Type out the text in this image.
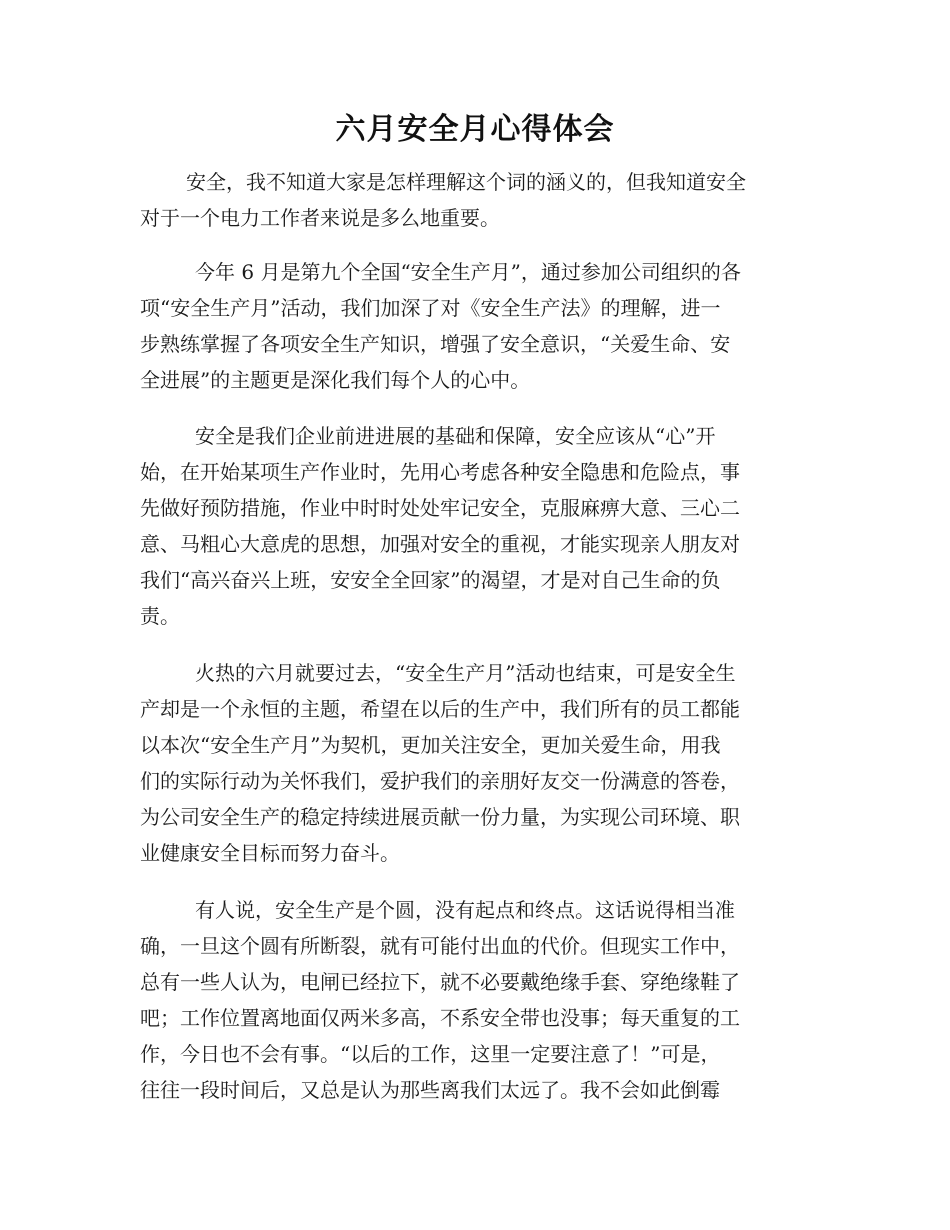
六月安全月心得体会
安全，我不知道大家是怎样理解这个词的涵义的，但我知道安全
对于一个电力工作者来说是多么地重要。
今年 6 月是第九个全国“安全生产月”，通过参加公司组织的各
项“安全生产月”活动，我们加深了对《安全生产法》的理解，进一
步熟练掌握了各项安全生产知识，增强了安全意识，“关爱生命、安
全进展”的主题更是深化我们每个人的心中。
安全是我们企业前进进展的基础和保障，安全应该从“心”开
始，在开始某项生产作业时，先用心考虑各种安全隐患和危险点，事
先做好预防措施，作业中时时处处牢记安全，克服麻痹大意、三心二
意、马粗心大意虎的思想，加强对安全的重视，才能实现亲人朋友对
我们“高兴奋兴上班，安安全全回家”的渴望，才是对自己生命的负
责。
火热的六月就要过去，“安全生产月”活动也结束，可是安全生
产却是一个永恒的主题，希望在以后的生产中，我们所有的员工都能
以本次“安全生产月”为契机，更加关注安全，更加关爱生命，用我
们的实际行动为关怀我们，爱护我们的亲朋好友交一份满意的答卷，
为公司安全生产的稳定持续进展贡献一份力量，为实现公司环境、职
业健康安全目标而努力奋斗。
有人说，安全生产是个圆，没有起点和终点。这话说得相当准
确，一旦这个圆有所断裂，就有可能付出血的代价。但现实工作中，
总有一些人认为，电闸已经拉下，就不必要戴绝缘手套、穿绝缘鞋了
吧；工作位置离地面仅两米多高，不系安全带也没事；每天重复的工
作，今日也不会有事。“以后的工作，这里一定要注意了！”可是，
往往一段时间后，又总是认为那些离我们太远了。我不会如此倒霉
